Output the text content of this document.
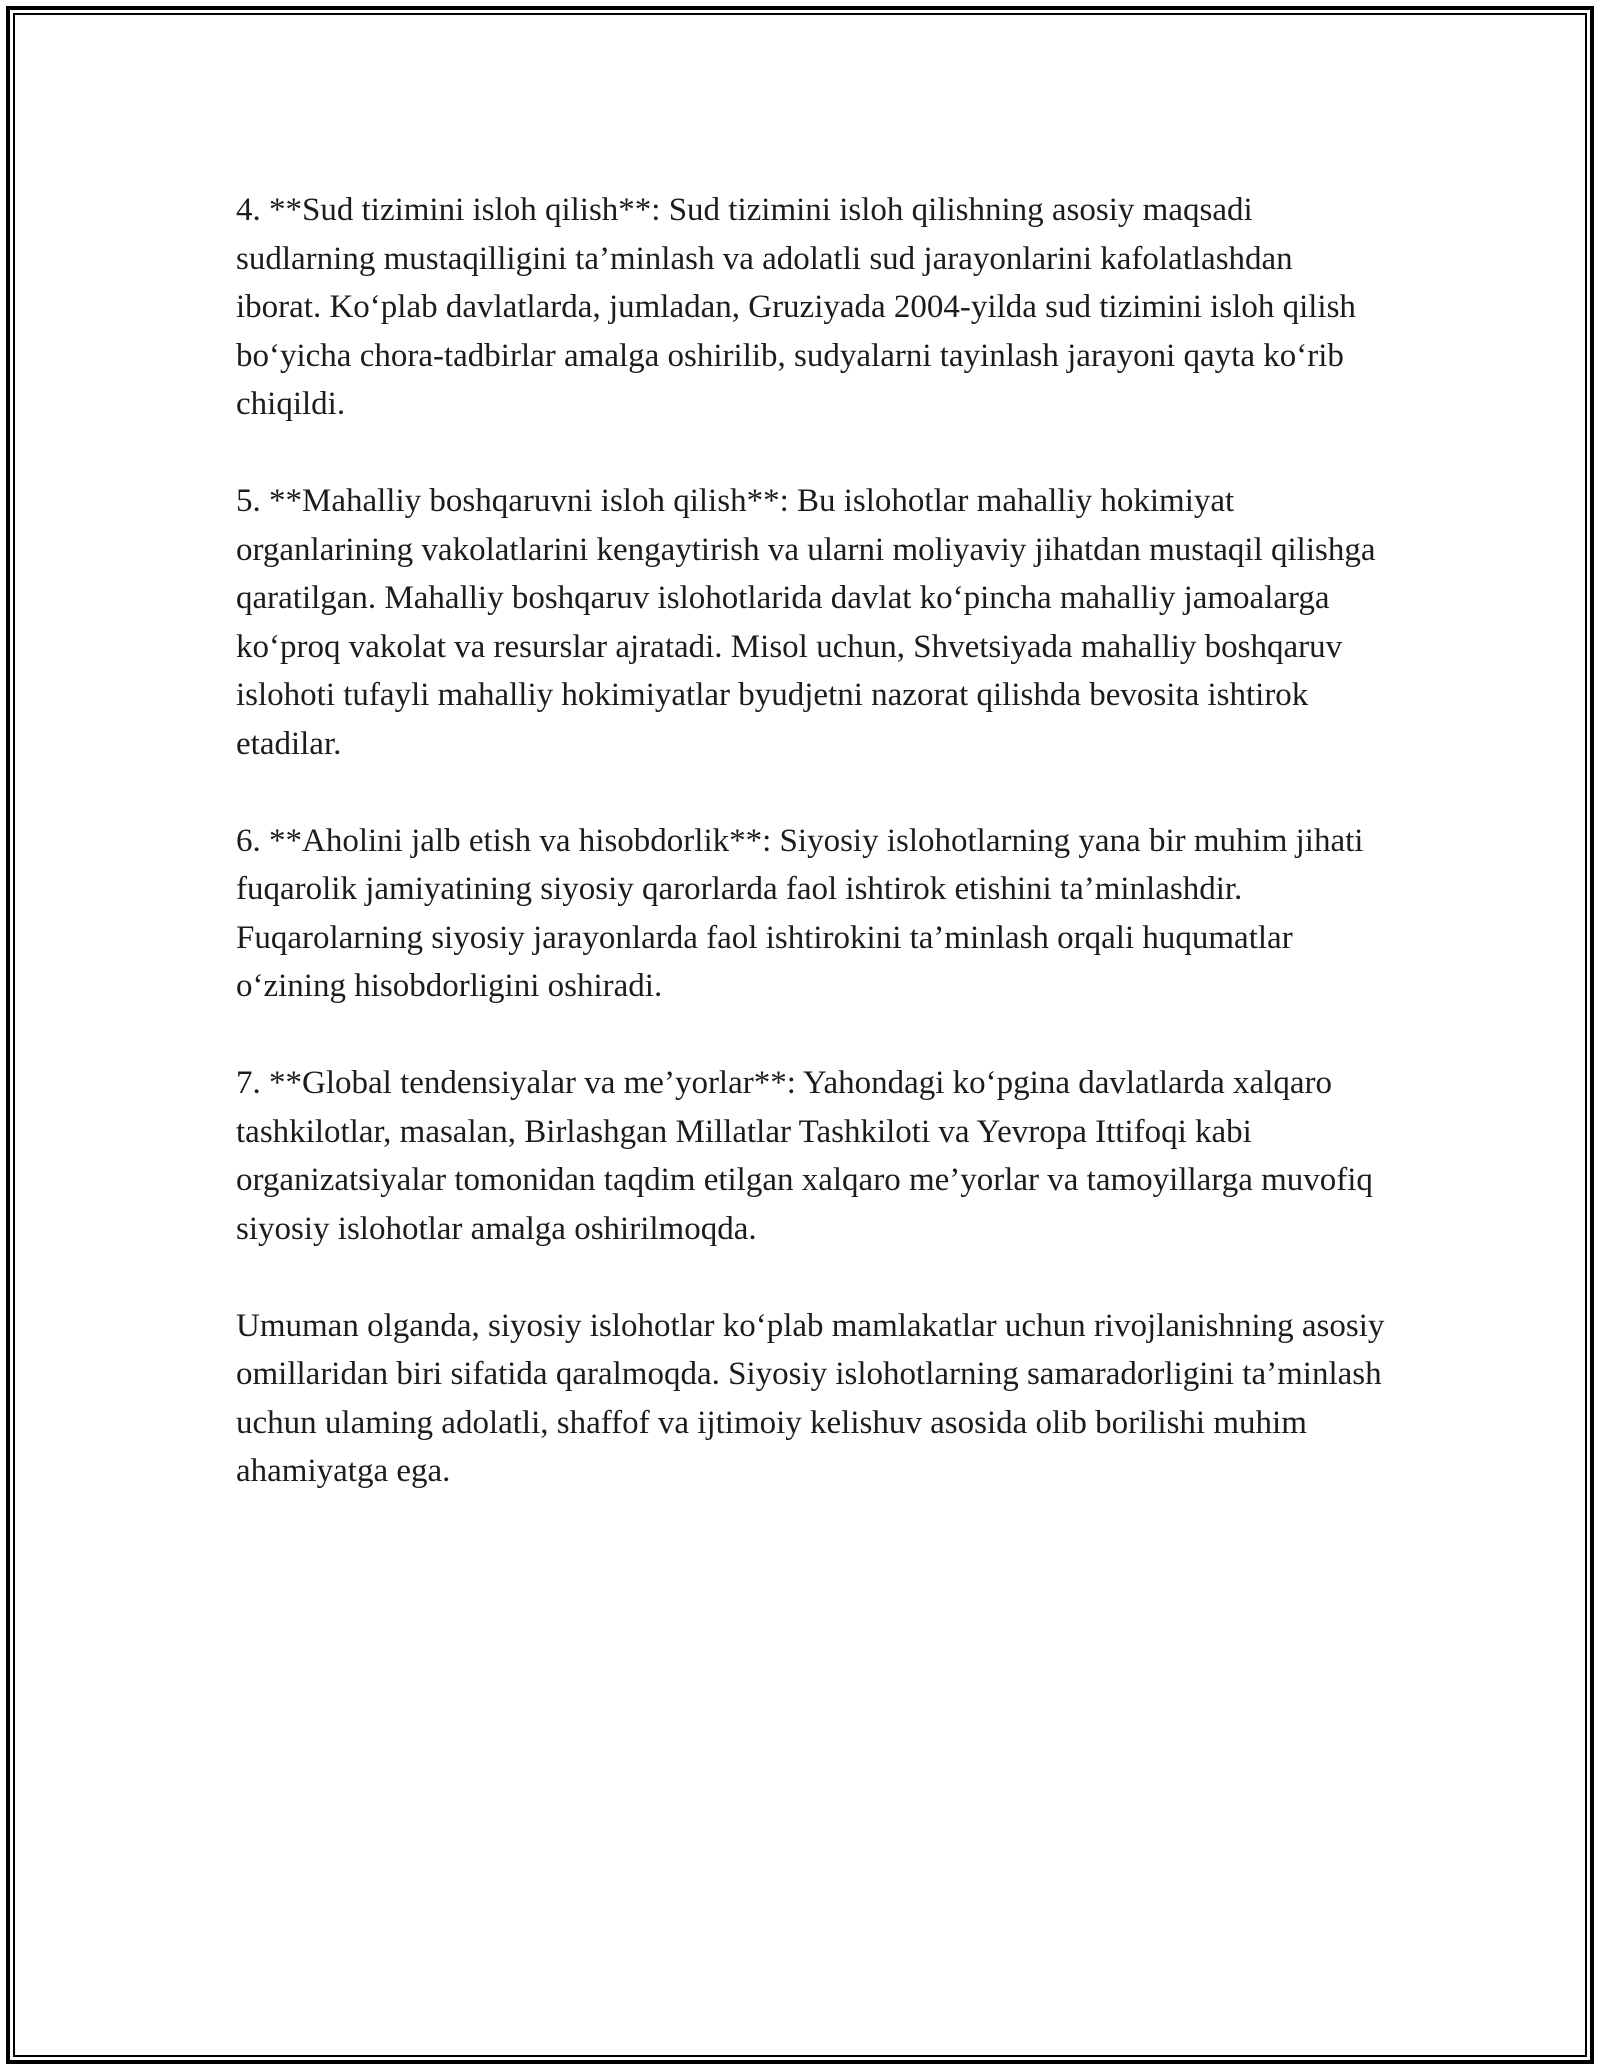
4. **Sud tizimini isloh qilish**: Sud tizimini isloh qilishning asosiy maqsadi sudlarning mustaqilligini ta’minlash va adolatli sud jarayonlarini kafolatlashdan iborat. Ko‘plab davlatlarda, jumladan, Gruziyada 2004-yilda sud tizimini isloh qilish bo‘yicha chora-tadbirlar amalga oshirilib, sudyalarni tayinlash jarayoni qayta ko‘rib chiqildi.

5. **Mahalliy boshqaruvni isloh qilish**: Bu islohotlar mahalliy hokimiyat organlarining vakolatlarini kengaytirish va ularni moliyaviy jihatdan mustaqil qilishga qaratilgan. Mahalliy boshqaruv islohotlarida davlat ko‘pincha mahalliy jamoalarga ko‘proq vakolat va resurslar ajratadi. Misol uchun, Shvetsiyada mahalliy boshqaruv islohoti tufayli mahalliy hokimiyatlar byudjetni nazorat qilishda bevosita ishtirok etadilar.

6. **Aholini jalb etish va hisobdorlik**: Siyosiy islohotlarning yana bir muhim jihati fuqarolik jamiyatining siyosiy qarorlarda faol ishtirok etishini ta’minlashdir. Fuqarolarning siyosiy jarayonlarda faol ishtirokini ta’minlash orqali huqumatlar o‘zining hisobdorligini oshiradi.

7. **Global tendensiyalar va me’yorlar**: Yahondagi ko‘pgina davlatlarda xalqaro tashkilotlar, masalan, Birlashgan Millatlar Tashkiloti va Yevropa Ittifoqi kabi organizatsiyalar tomonidan taqdim etilgan xalqaro me’yorlar va tamoyillarga muvofiq siyosiy islohotlar amalga oshirilmoqda.

Umuman olganda, siyosiy islohotlar ko‘plab mamlakatlar uchun rivojlanishning asosiy omillaridan biri sifatida qaralmoqda. Siyosiy islohotlarning samaradorligini ta’minlash uchun ulaming adolatli, shaffof va ijtimoiy kelishuv asosida olib borilishi muhim ahamiyatga ega.
